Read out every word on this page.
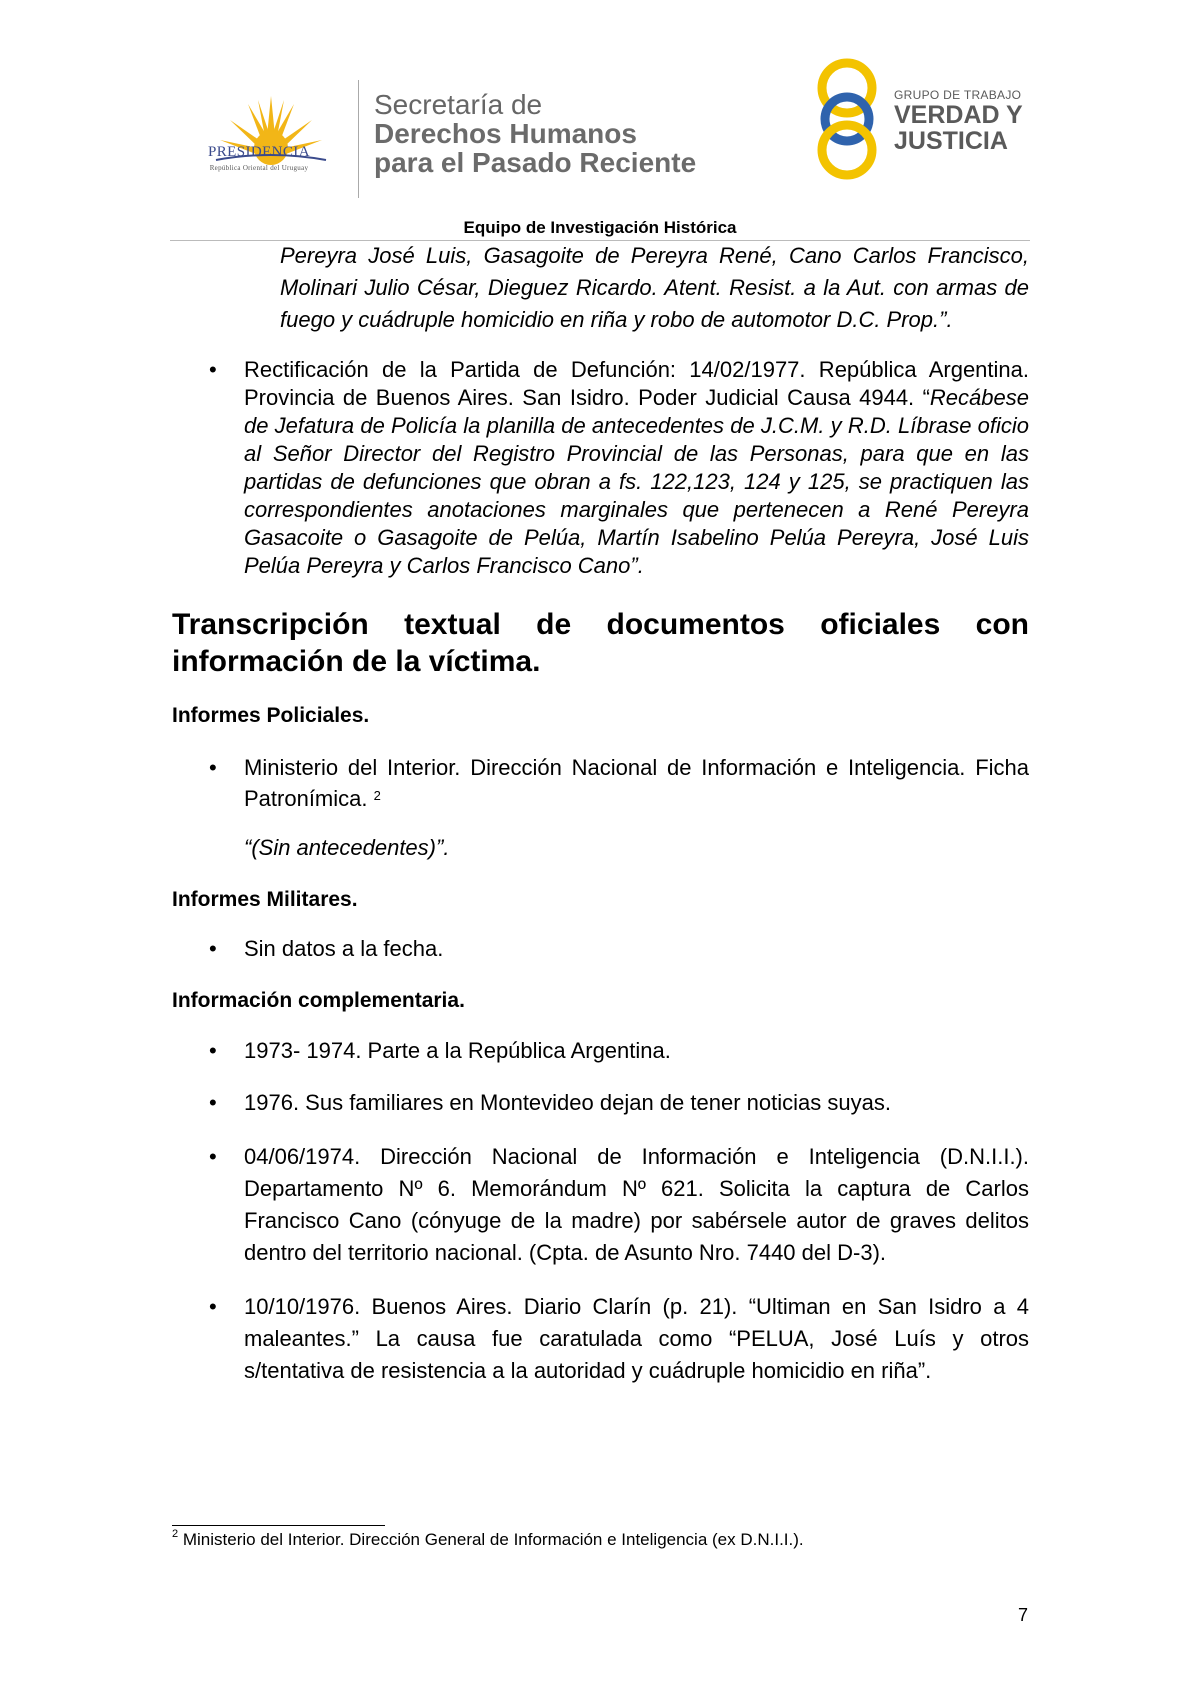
PRESIDENCIA
República Oriental del Uruguay
Secretaría de
Derechos Humanos
para el Pasado Reciente
GRUPO DE TRABAJO
VERDAD Y
JUSTICIA
Equipo de Investigación Histórica

Pereyra José Luis, Gasagoite de Pereyra René, Cano Carlos Francisco, Molinari Julio César, Dieguez Ricardo. Atent. Resist. a la Aut. con armas de fuego y cuádruple homicidio en riña y robo de automotor D.C. Prop.”.

• Rectificación de la Partida de Defunción: 14/02/1977. República Argentina. Provincia de Buenos Aires. San Isidro. Poder Judicial Causa 4944. “Recábese de Jefatura de Policía la planilla de antecedentes de J.C.M. y R.D. Líbrase oficio al Señor Director del Registro Provincial de las Personas, para que en las partidas de defunciones que obran a fs. 122,123, 124 y 125, se practiquen las correspondientes anotaciones marginales que pertenecen a René Pereyra Gasacoite o Gasagoite de Pelúa, Martín Isabelino Pelúa Pereyra, José Luis Pelúa Pereyra y Carlos Francisco Cano”.
Transcripción textual de documentos oficiales con información de la víctima.
Informes Policiales.
• Ministerio del Interior. Dirección Nacional de Información e Inteligencia. Ficha Patronímica. $^2$

“(Sin antecedentes)”.

Informes Militares.
• Sin datos a la fecha.
Información complementaria.
• 1973- 1974. Parte a la República Argentina.
• 1976. Sus familiares en Montevideo dejan de tener noticias suyas.
• 04/06/1974. Dirección Nacional de Información e Inteligencia (D.N.I.I.). Departamento Nº 6. Memorándum Nº 621. Solicita la captura de Carlos Francisco Cano (cónyuge de la madre) por sabérsele autor de graves delitos dentro del territorio nacional. (Cpta. de Asunto Nro. 7440 del D-3).
• 10/10/1976. Buenos Aires. Diario Clarín (p. 21). “Ultiman en San Isidro a 4 maleantes.” La causa fue caratulada como “PELUA, José Luís y otros s/tentativa de resistencia a la autoridad y cuádruple homicidio en riña”.
$^2$ Ministerio del Interior. Dirección General de Información e Inteligencia (ex D.N.I.I.).
7
